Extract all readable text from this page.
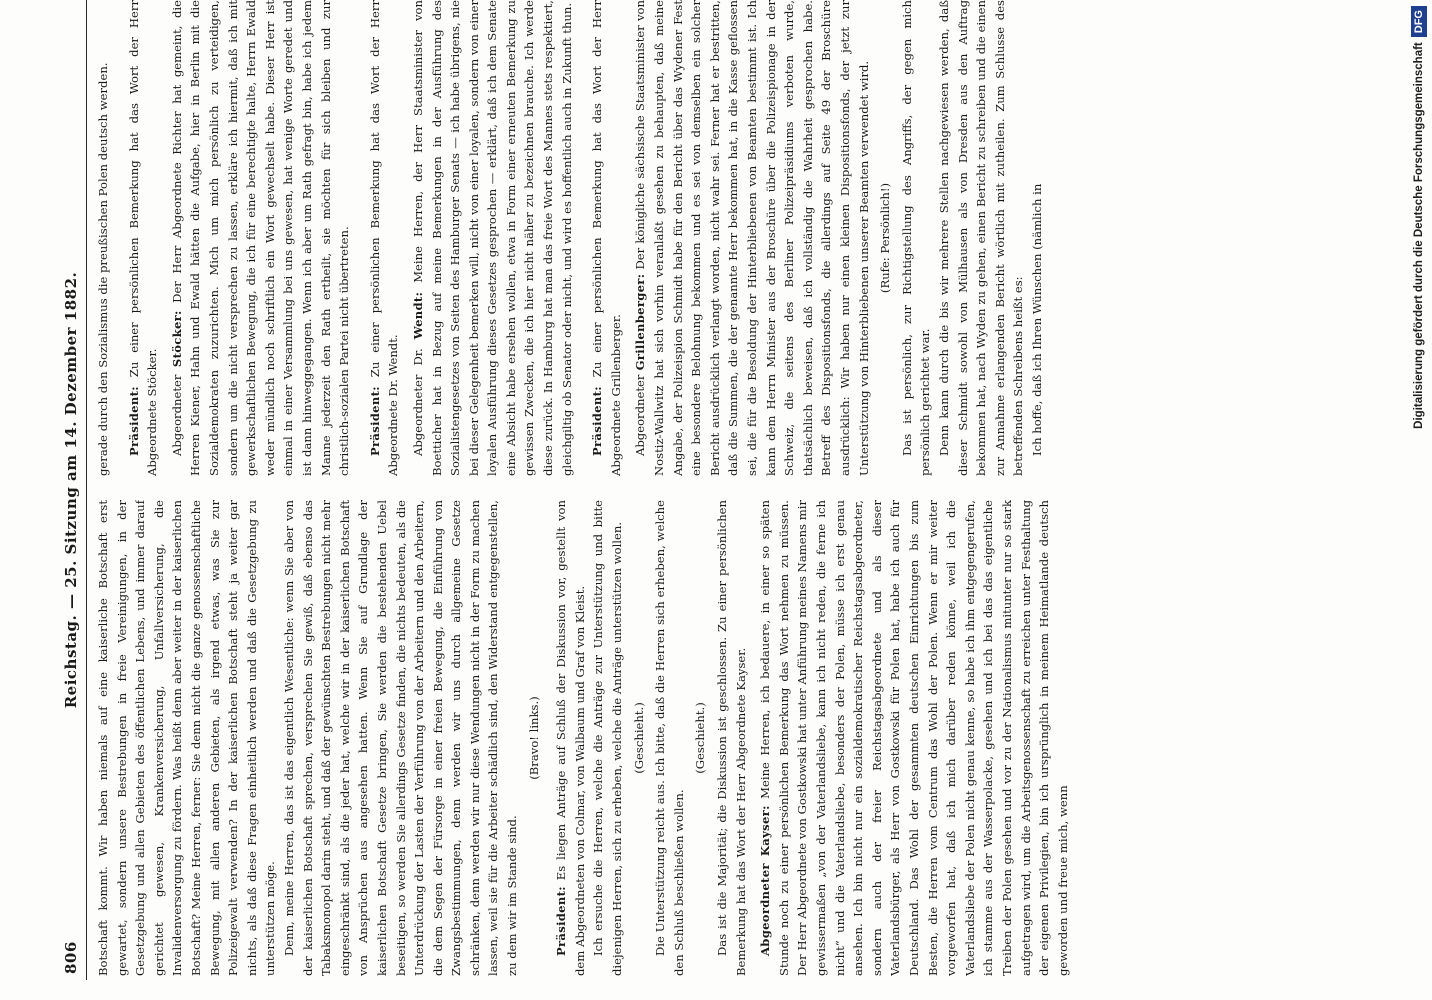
806
Reichstag. — 25. Sitzung am 14. Dezember 1882.

Botschaft kommt. Wir haben niemals auf eine kaiserliche Botschaft erst gewartet, sondern unsere Bestrebungen in freie Vereinigungen, in der Gesetzgebung und allen Gebieten des öffentlichen Lebens, und immer darauf gerichtet gewesen, Krankenversicherung, Unfallversicherung, die Invalidenversorgung zu fördern. Was heißt denn aber weiter in der kaiserlichen Botschaft? Meine Herren, ferner: Sie denn nicht die ganze genossenschaftliche Bewegung, mit allen anderen Gebieten, als irgend etwas, was Sie zur Polizeigewalt verwenden? In der kaiserlichen Botschaft steht ja weiter gar nichts, als daß diese Fragen einheitlich werden und daß die Gesetzgebung zu unterstützen möge. Denn, meine Herren, das ist das eigentlich Wesentliche: wenn Sie aber von der kaiserlichen Botschaft sprechen, versprechen Sie gewiß, daß ebenso das Tabaksmonopol darin steht, und daß der gewünschten Bestrebungen nicht mehr eingeschränkt sind, als die jeder hat, welche wir in der kaiserlichen Botschaft von Ansprüchen aus angesehen hatten. Wenn Sie auf Grundlage der kaiserlichen Botschaft Gesetze bringen, Sie werden die bestehenden Uebel beseitigen, so werden Sie allerdings Gesetze finden, die nichts bedeuten, als die Unterdrückung der Lasten der Verführung von der Arbeitern und den Arbeitern, die dem Segen der Fürsorge in einer freien Bewegung, die Einführung von Zwangsbestimmungen, denn werden wir uns durch allgemeine Gesetze schränken, denn werden wir nur diese Wendungen nicht in der Form zu machen lassen, weil sie für die Arbeiter schädlich sind, den Widerstand entgegenstellen, zu dem wir im Stande sind.

(Bravo! links.)

Präsident: Es liegen Anträge auf Schluß der Diskussion vor, gestellt von dem Abgeordneten von Colmar, von Walbaum und Graf von Kleist. Ich ersuche die Herren, welche die Anträge zur Unterstützung und bitte diejenigen Herren, sich zu erheben, welche die Anträge unterstützen wollen. (Geschieht.) Die Unterstützung reicht aus. Ich bitte, daß die Herren sich erheben, welche den Schluß beschließen wollen.

(Geschieht.) Das ist die Majorität; die Diskussion ist geschlossen. Zu einer persönlichen Bemerkung hat das Wort der Herr Abgeordnete Kayser. Abgeordneter Kayser: Meine Herren, ich bedauere, in einer so späten Stunde noch zu einer persönlichen Bemerkung das Wort nehmen zu müssen. Der Herr Abgeordnete von Gostkowski hat unter Anführung meines Namens mir gewissermaßen „von der Vaterlandsliebe, kann ich nicht reden, die ferne ich nicht“ und die Vaterlandsliebe, besonders der Polen, müsse ich erst genau ansehen. Ich bin nicht nur ein sozialdemokratischer Reichstagsabgeordneter, sondern auch der freier Reichstagsabgeordnete und als dieser Vaterlandsbürger, als Herr von Gostkowski für Polen hat, habe ich auch für Deutschland. Das Wohl der gesammten deutschen Einrichtungen bis zum Besten, die Herren vom Centrum das Wohl der Polen. Wenn er mir weiter vorgeworfen hat, daß ich mich darüber reden könne, weil ich die Vaterlandsliebe der Polen nicht genau kenne, so habe ich ihm entgegengerufen, ich stamme aus der Wasserpolacke, gesehen und ich bei das das eigentliche Treiben der Polen gesehen und vor zu der Nationalismus mitunter nur so stark aufgetragen wird, um die Arbeitsgenossenschaft zu erreichen unter Festhaltung der eigenen Privilegien, bin ich ursprünglich in meinem Heimatlande deutsch geworden und freue mich, wenn

gerade durch den Sozialismus die preußischen Polen deutsch werden. Präsident: Zu einer persönlichen Bemerkung hat das Wort der Herr Abgeordnete Stöcker. Abgeordneter Stöcker: Der Herr Abgeordnete Richter hat gemeint, die Herren Kiener, Hahn und Ewald hätten die Aufgabe, hier in Berlin mit die Sozialdemokraten zuzurichten. Mich um mich persönlich zu verteidigen, sondern um die nicht versprechen zu lassen, erkläre ich hiermit, daß ich mit gewerkschaftlichen Bewegung, die ich für eine berechtigte halte, Herrn Ewald weder mündlich noch schriftlich ein Wort gewechselt habe. Dieser Herr ist einmal in einer Versammlung bei uns gewesen, hat wenige Worte geredet und ist dann hinweggegangen. Wenn ich aber um Rath gefragt bin, habe ich jedem Manne jederzeit den Rath ertheilt, sie möchten für sich bleiben und zur christlich-sozialen Partei nicht übertreten. Präsident: Zu einer persönlichen Bemerkung hat das Wort der Herr Abgeordnete Dr. Wendt. Abgeordneter Dr. Wendt: Meine Herren, der Herr Staatsminister von Boetticher hat in Bezug auf meine Bemerkungen in der Ausführung des Sozialistengesetzes von Seiten des Hamburger Senats — ich habe übrigens, nie bei dieser Gelegenheit bemerken will, nicht von einer loyalen, sondern von einer loyalen Ausführung dieses Gesetzes gesprochen — erklärt, daß ich dem Senate eine Absicht habe ersehen wollen, etwa in Form einer erneuten Bemerkung zu gewissen Zwecken, die ich hier nicht näher zu bezeichnen brauche. Ich werde diese zurück. In Hamburg hat man das freie Wort des Mannes stets respektiert, gleichgiltig ob Senator oder nicht, und wird es hoffentlich auch in Zukunft thun. Präsident: Zu einer persönlichen Bemerkung hat das Wort der Herr Abgeordnete Grillenberger. Abgeordneter Grillenberger: Der königliche sächsische Staatsminister von Nostiz-Wallwitz hat sich vorhin veranlaßt gesehen zu behaupten, daß meine Angabe, der Polizeispion Schmidt habe für den Bericht über das Wydener Fest eine besondere Belohnung bekommen und es sei von demselben ein solcher Bericht ausdrücklich verlangt worden, nicht wahr sei. Ferner hat er bestritten, daß die Summen, die der genannte Herr bekommen hat, in die Kasse geflossen sei, die für die Besoldung der Hinterbliebenen von Beamten bestimmt ist. Ich kann dem Herrn Minister aus der Broschüre über die Polizeispionage in der Schweiz, die seitens des Berliner Polizeipräsidiums verboten wurde, thatsächlich beweisen, daß ich vollständig die Wahrheit gesprochen habe. Betreff des Dispositionsfonds, die allerdings auf Seite 49 der Broschüre ausdrücklich: Wir haben nur einen kleinen Dispositionsfonds, der jetzt zur Unterstützung von Hinterbliebenen unserer Beamten verwendet wird. (Rufe: Persönlich!) Das ist persönlich, zur Richtigstellung des Angriffs, der gegen mich persönlich gerichtet war. Denn kann durch die bis wir mehrere Stellen nachgewiesen werden, daß dieser Schmidt sowohl von Mülhausen als von Dresden aus den Auftrag bekommen hat, nach Wyden zu gehen, einen Bericht zu schreiben und die einen zur Annahme erlangenden Bericht wörtlich mit zutheilen. Zum Schlusse des betreffenden Schreibens heißt es: Ich hoffe, daß ich Ihren Wünschen (nämlich in	Digitalisierung gefördert durch die Deutsche Forschungsgemeinschaft
DFG
